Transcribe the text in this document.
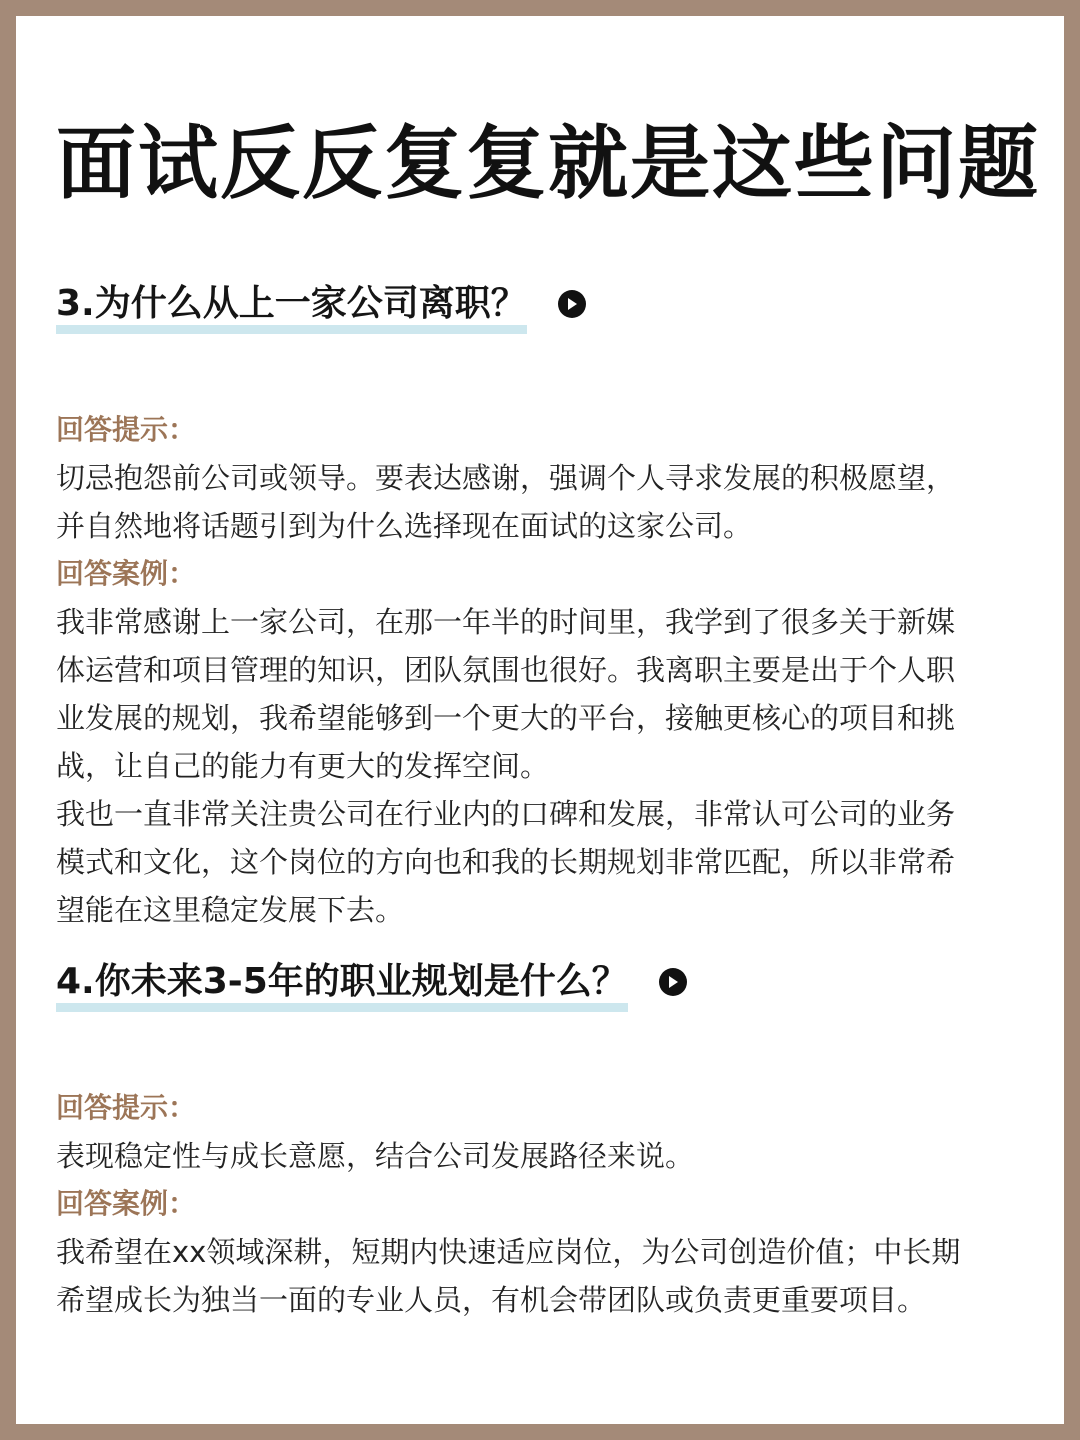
面试反反复复就是这些问题
3.为什么从上一家公司离职？

回答提示：

切忌抱怨前公司或领导。要表达感谢，强调个人寻求发展的积极愿望，并自然地将话题引到为什么选择现在面试的这家公司。

回答案例：

我非常感谢上一家公司，在那一年半的时间里，我学到了很多关于新媒体运营和项目管理的知识，团队氛围也很好。我离职主要是出于个人职业发展的规划，我希望能够到一个更大的平台，接触更核心的项目和挑战，让自己的能力有更大的发挥空间。

我也一直非常关注贵公司在行业内的口碑和发展，非常认可公司的业务模式和文化，这个岗位的方向也和我的长期规划非常匹配，所以非常希望能在这里稳定发展下去。

4.你未来3-5年的职业规划是什么？

回答提示：

表现稳定性与成长意愿，结合公司发展路径来说。

回答案例：

我希望在xx领域深耕，短期内快速适应岗位，为公司创造价值；中长期希望成长为独当一面的专业人员，有机会带团队或负责更重要项目。
